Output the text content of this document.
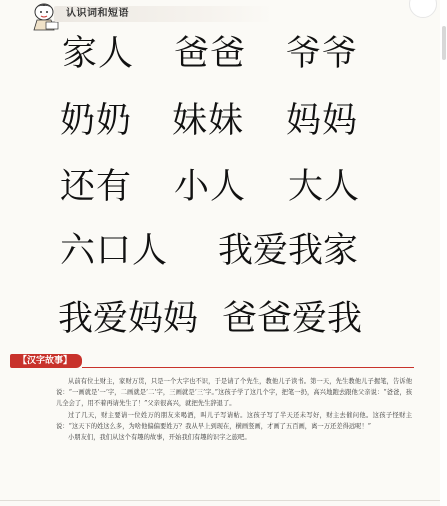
认识词和短语
家人 爸爸 爷爷
奶奶 妹妹 妈妈
还有 小人 大人
六口人 我爱我家
我爱妈妈 爸爸爱我
【汉字故事】

从前有位土财主，家财万贯，只是一个大字也不识，于是请了个先生，教他儿子读书。第一天，先生教他儿子握笔，告诉他说：“一画就是‘一’字，二画就是‘二’字，三画就是‘三’字。”这孩子学了这几个字，把笔一扔，高兴地跑去跟他父亲说：“爸爸，孩儿全会了，用不着再请先生了！”父亲很高兴，就把先生辞退了。

过了几天，财主要请一位姓万的朋友来喝酒，叫儿子写请帖。这孩子写了半天还未写好，财主去催问他。这孩子怪财主说：“这天下的姓这么多，为啥他偏偏要姓万？我从早上到现在，横画竖画，才画了五百画，离一万还差得远呢！”

小朋友们，我们从这个有趣的故事，开始我们有趣的识字之旅吧。
